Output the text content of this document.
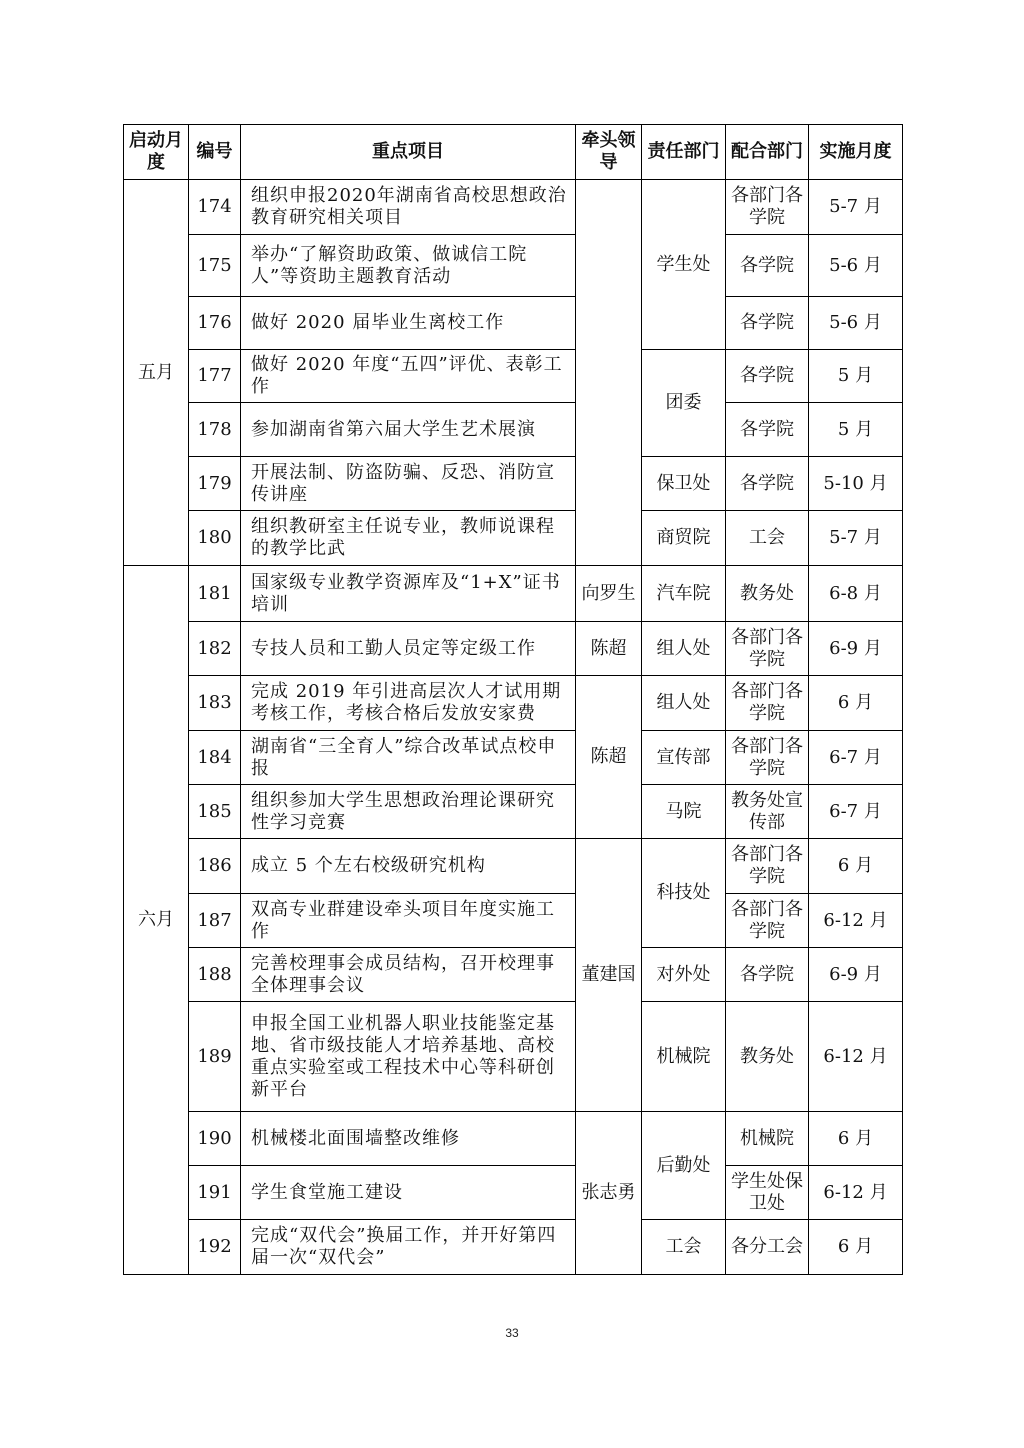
启动月度	编号	重点项目	牵头领导	责任部门	配合部门	实施月度
五月	174	组织申报2020年湖南省高校思想政治教育研究相关项目		学生处	各部门各学院	5-7 月
	175	举办“了解资助政策、做诚信工院人”等资助主题教育活动			各学院	5-6 月
	176	做好 2020 届毕业生离校工作			各学院	5-6 月
	177	做好 2020 年度“五四”评优、表彰工作		团委	各学院	5 月
	178	参加湖南省第六届大学生艺术展演			各学院	5 月
	179	开展法制、防盗防骗、反恐、消防宣传讲座		保卫处	各学院	5-10 月
	180	组织教研室主任说专业，教师说课程的教学比武		商贸院	工会	5-7 月
六月	181	国家级专业教学资源库及“1+X”证书培训	向罗生	汽车院	教务处	6-8 月
	182	专技人员和工勤人员定等定级工作	陈超	组人处	各部门各学院	6-9 月
	183	完成 2019 年引进高层次人才试用期考核工作，考核合格后发放安家费	陈超	组人处	各部门各学院	6 月
	184	湖南省“三全育人”综合改革试点校申报		宣传部	各部门各学院	6-7 月
	185	组织参加大学生思想政治理论课研究性学习竞赛		马院	教务处宣传部	6-7 月
	186	成立 5 个左右校级研究机构	董建国	科技处	各部门各学院	6 月
	187	双高专业群建设牵头项目年度实施工作			各部门各学院	6-12 月
	188	完善校理事会成员结构，召开校理事全体理事会议		对外处	各学院	6-9 月
	189	申报全国工业机器人职业技能鉴定基地、省市级技能人才培养基地、高校重点实验室或工程技术中心等科研创新平台		机械院	教务处	6-12 月
	190	机械楼北面围墙整改维修	张志勇	后勤处	机械院	6 月
	191	学生食堂施工建设			学生处保卫处	6-12 月
	192	完成“双代会”换届工作，并开好第四届一次“双代会”		工会	各分工会	6 月
33
